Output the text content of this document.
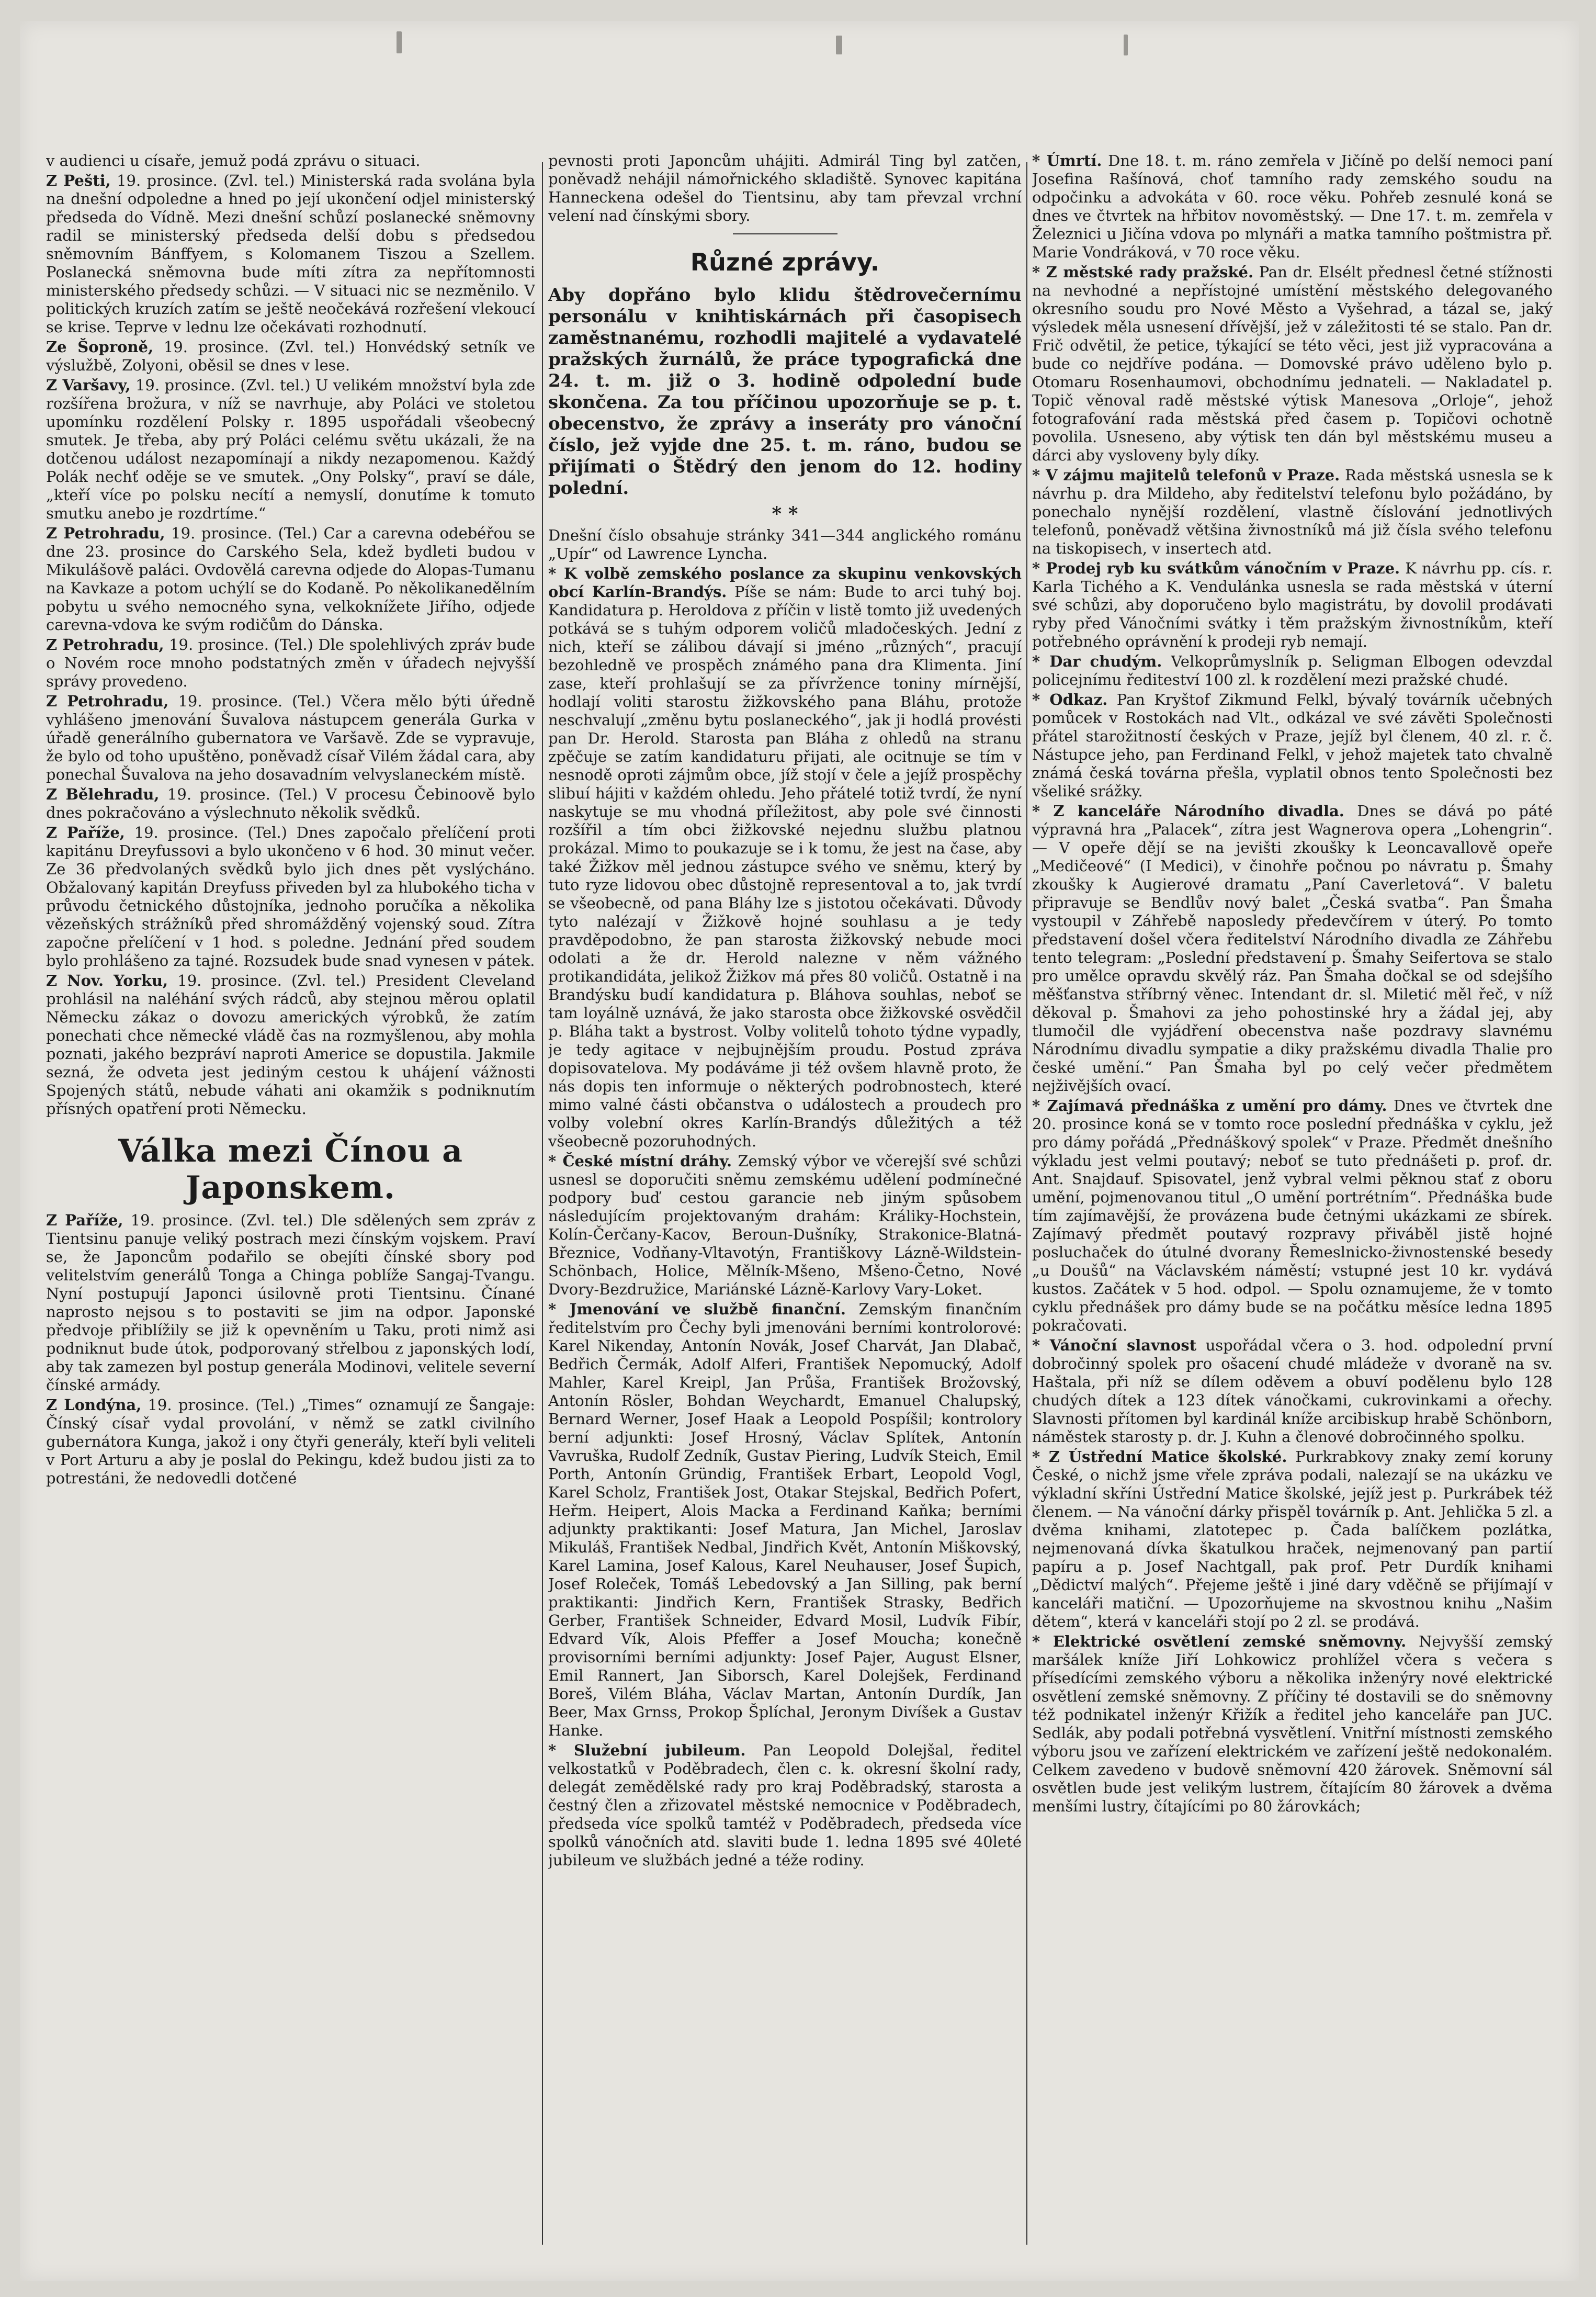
v audienci u císaře, jemuž podá zprávu o situaci.

Z Pešti, 19. prosince. (Zvl. tel.) Ministerská rada svolána byla na dnešní odpoledne a hned po její ukončení odjel ministerský předseda do Vídně. Mezi dnešní schůzí poslanecké sněmovny radil se ministerský předseda delší dobu s předsedou sněmovním Bánffyem, s Kolomanem Tiszou a Szellem. Poslanecká sněmovna bude míti zítra za nepřítomnosti ministerského předsedy schůzi. — V situaci nic se nezměnilo. V politických kruzích zatím se ještě neočekává rozřešení vlekoucí se krise. Teprve v lednu lze očekávati rozhodnutí.

Ze Šoproně, 19. prosince. (Zvl. tel.) Honvédský setník ve výslužbě, Zolyoni, oběsil se dnes v lese.

Z Varšavy, 19. prosince. (Zvl. tel.) U velikém množství byla zde rozšířena brožura, v níž se navrhuje, aby Poláci ve stoletou upomínku rozdělení Polsky r. 1895 uspořádali všeobecný smutek. Je třeba, aby prý Poláci celému světu ukázali, že na dotčenou událost nezapomínají a nikdy nezapomenou. Každý Polák nechť oděje se ve smutek. „Ony Polsky“, praví se dále, „kteří více po polsku necítí a nemyslí, donutíme k tomuto smutku anebo je rozdrtíme.“

Z Petrohradu, 19. prosince. (Tel.) Car a carevna odebéřou se dne 23. prosince do Carského Sela, kdež bydleti budou v Mikulášově paláci. Ovdovělá carevna odjede do Alopas-Tumanu na Kavkaze a potom uchýlí se do Kodaně. Po několikanedělním pobytu u svého nemocného syna, velkoknížete Jiřího, odjede carevna-vdova ke svým rodičům do Dánska.

Z Petrohradu, 19. prosince. (Tel.) Dle spolehlivých zpráv bude o Novém roce mnoho podstatných změn v úřadech nejvyšší správy provedeno.

Z Petrohradu, 19. prosince. (Tel.) Včera mělo býti úředně vyhlášeno jmenování Šuvalova nástupcem generála Gurka v úřadě generálního gubernatora ve Varšavě. Zde se vypravuje, že bylo od toho upuštěno, poněvadž císař Vilém žádal cara, aby ponechal Šuvalova na jeho dosavadním velvyslaneckém místě.

Z Bělehradu, 19. prosince. (Tel.) V procesu Čebinoově bylo dnes pokračováno a výslechnuto několik svědků.

Z Paříže, 19. prosince. (Tel.) Dnes započalo přelíčení proti kapitánu Dreyfussovi a bylo ukončeno v 6 hod. 30 minut večer. Ze 36 předvolaných svědků bylo jich dnes pět vyslýcháno. Obžalovaný kapitán Dreyfuss přiveden byl za hlubokého ticha v průvodu četnického důstojníka, jednoho poručíka a několika vězeňských strážníků před shromážděný vojenský soud. Zítra započne přelíčení v 1 hod. s poledne. Jednání před soudem bylo prohlášeno za tajné. Rozsudek bude snad vynesen v pátek.

Z Nov. Yorku, 19. prosince. (Zvl. tel.) President Cleveland prohlásil na naléhání svých rádců, aby stejnou měrou oplatil Německu zákaz o dovozu amerických výrobků, že zatím ponechati chce německé vládě čas na rozmyšlenou, aby mohla poznati, jakého bezpráví naproti Americe se dopustila. Jakmile sezná, že odveta jest jediným cestou k uhájení vážnosti Spojených států, nebude váhati ani okamžik s podniknutím přísných opatření proti Německu.

Válka mezi Čínou a Japonskem.

Z Paříže, 19. prosince. (Zvl. tel.) Dle sdělených sem zpráv z Tientsinu panuje veliký postrach mezi čínským vojskem. Praví se, že Japoncům podařilo se obejíti čínské sbory pod velitelstvím generálů Tonga a Chinga poblíže Sangaj-Tvangu. Nyní postupují Japonci úsilovně proti Tientsinu. Čínané naprosto nejsou s to postaviti se jim na odpor. Japonské předvoje přiblížily se již k opevněním u Taku, proti nimž asi podniknut bude útok, podporovaný střelbou z japonských lodí, aby tak zamezen byl postup generála Modinovi, velitele severní čínské armády.

Z Londýna, 19. prosince. (Tel.) „Times“ oznamují ze Šangaje: Čínský císař vydal provolání, v němž se zatkl civilního gubernátora Kunga, jakož i ony čtyři generály, kteří byli veliteli v Port Arturu a aby je poslal do Pekingu, kdež budou jisti za to potrestáni, že nedovedli dotčené

pevnosti proti Japoncům uhájiti. Admirál Ting byl zatčen, poněvadž nehájil námořnického skladiště. Synovec kapitána Hanneckena odešel do Tientsinu, aby tam převzal vrchní velení nad čínskými sbory.

Různé zprávy.

Aby dopřáno bylo klidu štědrovečernímu personálu v knihtiskárnách při časopisech zaměstnanému, rozhodli majitelé a vydavatelé pražských žurnálů, že práce typografická dne 24. t. m. již o 3. hodině odpolední bude skončena. Za tou příčinou upozorňuje se p. t. obecenstvo, že zprávy a inseráty pro vánoční číslo, jež vyjde dne 25. t. m. ráno, budou se přijímati o Štědrý den jenom do 12. hodiny polední.

* *

Dnešní číslo obsahuje stránky 341—344 anglického románu „Upír“ od Lawrence Lyncha.

* K volbě zemského poslance za skupinu venkovských obcí Karlín-Brandýs. Píše se nám: Bude to arci tuhý boj. Kandidatura p. Heroldova z příčin v listě tomto již uvedených potkává se s tuhým odporem voličů mladočeských. Jední z nich, kteří se zálibou dávají si jméno „různých“, pracují bezohledně ve prospěch známého pana dra Klimenta. Jiní zase, kteří prohlašují se za přívržence toniny mírnější, hodlají voliti starostu žižkovského pana Bláhu, protože neschvalují „změnu bytu poslaneckého“, jak ji hodlá provésti pan Dr. Herold. Starosta pan Bláha z ohledů na stranu zpěčuje se zatím kandidaturu přijati, ale ocitnuje se tím v nesnodě oproti zájmům obce, jíž stojí v čele a jejíž prospěchy slibuí hájiti v každém ohledu. Jeho přátelé totiž tvrdí, že nyní naskytuje se mu vhodná příležitost, aby pole své činnosti rozšířil a tím obci žižkovské nejednu službu platnou prokázal. Mimo to poukazuje se i k tomu, že jest na čase, aby také Žižkov měl jednou zástupce svého ve sněmu, který by tuto ryze lidovou obec důstojně representoval a to, jak tvrdí se všeobecně, od pana Bláhy lze s jistotou očekávati. Důvody tyto nalézají v Žižkově hojné souhlasu a je tedy pravděpodobno, že pan starosta žižkovský nebude moci odolati a že dr. Herold nalezne v něm vážného protikandidáta, jelikož Žižkov má přes 80 voličů. Ostatně i na Brandýsku budí kandidatura p. Bláhova souhlas, neboť se tam loyálně uznává, že jako starosta obce žižkovské osvědčil p. Bláha takt a bystrost. Volby volitelů tohoto týdne vypadly, je tedy agitace v nejbujnějším proudu. Postud zpráva dopisovatelova. My podáváme ji též ovšem hlavně proto, že nás dopis ten informuje o některých podrobnostech, které mimo valné části občanstva o událostech a proudech pro volby volební okres Karlín-Brandýs důležitých a též všeobecně pozoruhodných.

* České místní dráhy. Zemský výbor ve včerejší své schůzi usnesl se doporučiti sněmu zemskému udělení podmínečné podpory buď cestou garancie neb jiným spůsobem následujícím projektovaným drahám: Králiky-Hochstein, Kolín-Čerčany-Kacov, Beroun-Dušníky, Strakonice-Blatná-Březnice, Vodňany-Vltavotýn, Františkovy Lázně-Wildstein-Schönbach, Holice, Mělník-Mšeno, Mšeno-Četno, Nové Dvory-Bezdružice, Mariánské Lázně-Karlovy Vary-Loket.

* Jmenování ve službě finanční. Zemským finančním ředitelstvím pro Čechy byli jmenováni berními kontrolorové: Karel Nikenday, Antonín Novák, Josef Charvát, Jan Dlabač, Bedřich Čermák, Adolf Alferi, František Nepomucký, Adolf Mahler, Karel Kreipl, Jan Průša, František Brožovský, Antonín Rösler, Bohdan Weychardt, Emanuel Chalupský, Bernard Werner, Josef Haak a Leopold Pospíšil; kontrolory berní adjunkti: Josef Hrosný, Václav Splítek, Antonín Vavruška, Rudolf Zedník, Gustav Piering, Ludvík Steich, Emil Porth, Antonín Gründig, František Erbart, Leopold Vogl, Karel Scholz, František Jost, Otakar Stejskal, Bedřich Pofert, Heřm. Heipert, Alois Macka a Ferdinand Kaňka; berními adjunkty praktikanti: Josef Matura, Jan Michel, Jaroslav Mikuláš, František Nedbal, Jindřich Květ, Antonín Miškovský, Karel Lamina, Josef Kalous, Karel Neuhauser, Josef Šupich, Josef Roleček, Tomáš Lebedovský a Jan Silling, pak berní praktikanti: Jindřich Kern, František Strasky, Bedřich Gerber, František Schneider, Edvard Mosil, Ludvík Fibír, Edvard Vík, Alois Pfeffer a Josef Moucha; konečně provisorními berními adjunkty: Josef Pajer, August Elsner, Emil Rannert, Jan Siborsch, Karel Dolejšek, Ferdinand Boreš, Vilém Bláha, Václav Martan, Antonín Durdík, Jan Beer, Max Grnss, Prokop Šplíchal, Jeronym Divíšek a Gustav Hanke.

* Služební jubileum. Pan Leopold Dolejšal, ředitel velkostatků v Poděbradech, člen c. k. okresní školní rady, delegát zemědělské rady pro kraj Poděbradský, starosta a čestný člen a zřizovatel městské nemocnice v Poděbradech, předseda více spolků tamtéž v Poděbradech, předseda více spolků vánočních atd. slaviti bude 1. ledna 1895 své 40leté jubileum ve službách jedné a téže rodiny.

* Úmrtí. Dne 18. t. m. ráno zemřela v Jičíně po delší nemoci paní Josefina Rašínová, choť tamního rady zemského soudu na odpočinku a advokáta v 60. roce věku. Pohřeb zesnulé koná se dnes ve čtvrtek na hřbitov novoměstský. — Dne 17. t. m. zemřela v Železnici u Jičína vdova po mlynáři a matka tamního poštmistra př. Marie Vondráková, v 70 roce věku.

* Z městské rady pražské. Pan dr. Elsélt přednesl četné stížnosti na nevhodné a nepřístojné umístění městského delegovaného okresního soudu pro Nové Město a Vyšehrad, a tázal se, jaký výsledek měla usnesení dřívější, jež v záležitosti té se stalo. Pan dr. Frič odvětil, že petice, týkající se této věci, jest již vypracována a bude co nejdříve podána. — Domovské právo uděleno bylo p. Otomaru Rosenhaumovi, obchodnímu jednateli. — Nakladatel p. Topič věnoval radě městské výtisk Manesova „Orloje“, jehož fotografování rada městská před časem p. Topičovi ochotně povolila. Usneseno, aby výtisk ten dán byl městskému museu a dárci aby vysloveny byly díky.

* V zájmu majitelů telefonů v Praze. Rada městská usnesla se k návrhu p. dra Mildeho, aby ředitelství telefonu bylo požádáno, by ponechalo nynější rozdělení, vlastně číslování jednotlivých telefonů, poněvadž většina živnostníků má již čísla svého telefonu na tiskopisech, v insertech atd.

* Prodej ryb ku svátkům vánočním v Praze. K návrhu pp. cís. r. Karla Tichého a K. Vendulánka usnesla se rada městská v úterní své schůzi, aby doporučeno bylo magistrátu, by dovolil prodávati ryby před Vánočními svátky i těm pražským živnostníkům, kteří potřebného oprávnění k prodeji ryb nemají.

* Dar chudým. Velkoprůmyslník p. Seligman Elbogen odevzdal policejnímu řediteství 100 zl. k rozdělení mezi pražské chudé.

* Odkaz. Pan Kryštof Zikmund Felkl, bývalý továrník učebných pomůcek v Rostokách nad Vlt., odkázal ve své závěti Společnosti přátel starožitností českých v Praze, jejíž byl členem, 40 zl. r. č. Nástupce jeho, pan Ferdinand Felkl, v jehož majetek tato chvalně známá česká továrna přešla, vyplatil obnos tento Společnosti bez všeliké srážky.

* Z kanceláře Národního divadla. Dnes se dává po páté výpravná hra „Palacek“, zítra jest Wagnerova opera „Lohengrin“. — V opeře dějí se na jevišti zkoušky k Leoncavallově opeře „Medičeové“ (I Medici), v činohře počnou po návratu p. Šmahy zkoušky k Augierové dramatu „Paní Caverletová“. V baletu připravuje se Bendlův nový balet „Česká svatba“. Pan Šmaha vystoupil v Záhřebě naposledy předevčírem v úterý. Po tomto představení došel včera ředitelství Národního divadla ze Záhřebu tento telegram: „Poslední představení p. Šmahy Seifertova se stalo pro umělce opravdu skvělý ráz. Pan Šmaha dočkal se od sdejšího měšťanstva stříbrný věnec. Intendant dr. sl. Miletić měl řeč, v níž děkoval p. Šmahovi za jeho pohostinské hry a žádal jej, aby tlumočil dle vyjádření obecenstva naše pozdravy slavnému Národnímu divadlu sympatie a diky pražskému divadla Thalie pro české umění.“ Pan Šmaha byl po celý večer předmětem nejživějších ovací.

* Zajímavá přednáška z umění pro dámy. Dnes ve čtvrtek dne 20. prosince koná se v tomto roce poslední přednáška v cyklu, jež pro dámy pořádá „Přednáškový spolek“ v Praze. Předmět dnešního výkladu jest velmi poutavý; neboť se tuto přednášeti p. prof. dr. Ant. Snajdauf. Spisovatel, jenž vybral velmi pěknou stať z oboru umění, pojmenovanou titul „O umění portrétním“. Přednáška bude tím zajímavější, že provázena bude četnými ukázkami ze sbírek. Zajímavý předmět poutavý rozpravy přiváběl jistě hojné posluchaček do útulné dvorany Řemeslnicko-živnostenské besedy „u Doušů“ na Václavském náměstí; vstupné jest 10 kr. vydává kustos. Začátek v 5 hod. odpol. — Spolu oznamujeme, že v tomto cyklu přednášek pro dámy bude se na počátku měsíce ledna 1895 pokračovati.

* Vánoční slavnost uspořádal včera o 3. hod. odpolední první dobročinný spolek pro ošacení chudé mládeže v dvoraně na sv. Haštala, při níž se dílem oděvem a obuví podělenu bylo 128 chudých dítek a 123 dítek vánočkami, cukrovinkami a ořechy. Slavnosti přítomen byl kardinál kníže arcibiskup hrabě Schönborn, náměstek starosty p. dr. J. Kuhn a členové dobročinného spolku.

* Z Ústřední Matice školské. Purkrabkovy znaky zemí koruny České, o nichž jsme vřele zpráva podali, nalezají se na ukázku ve výkladní skříni Ústřední Matice školské, jejíž jest p. Purkrábek též členem. — Na vánoční dárky přispěl továrník p. Ant. Jehlička 5 zl. a dvěma knihami, zlatotepec p. Čada balíčkem pozlátka, nejmenovaná dívka škatulkou hraček, nejmenovaný pan partií papíru a p. Josef Nachtgall, pak prof. Petr Durdík knihami „Dědictví malých“. Přejeme ještě i jiné dary vděčně se přijímají v kanceláři matiční. — Upozorňujeme na skvostnou knihu „Našim dětem“, která v kanceláři stojí po 2 zl. se prodává.

* Elektrické osvětlení zemské sněmovny. Nejvyšší zemský maršálek kníže Jiří Lohkowicz prohlížel včera s večera s přísedícími zemského výboru a několika inženýry nové elektrické osvětlení zemské sněmovny. Z příčiny té dostavili se do sněmovny též podnikatel inženýr Křižík a ředitel jeho kanceláře pan JUC. Sedlák, aby podali potřebná vysvětlení. Vnitřní místnosti zemského výboru jsou ve zařízení elektrickém ve zařízení ještě nedokonalém. Celkem zavedeno v budově sněmovní 420 žárovek. Sněmovní sál osvětlen bude jest velikým lustrem, čítajícím 80 žárovek a dvěma menšími lustry, čítajícími po 80 žárovkách;
